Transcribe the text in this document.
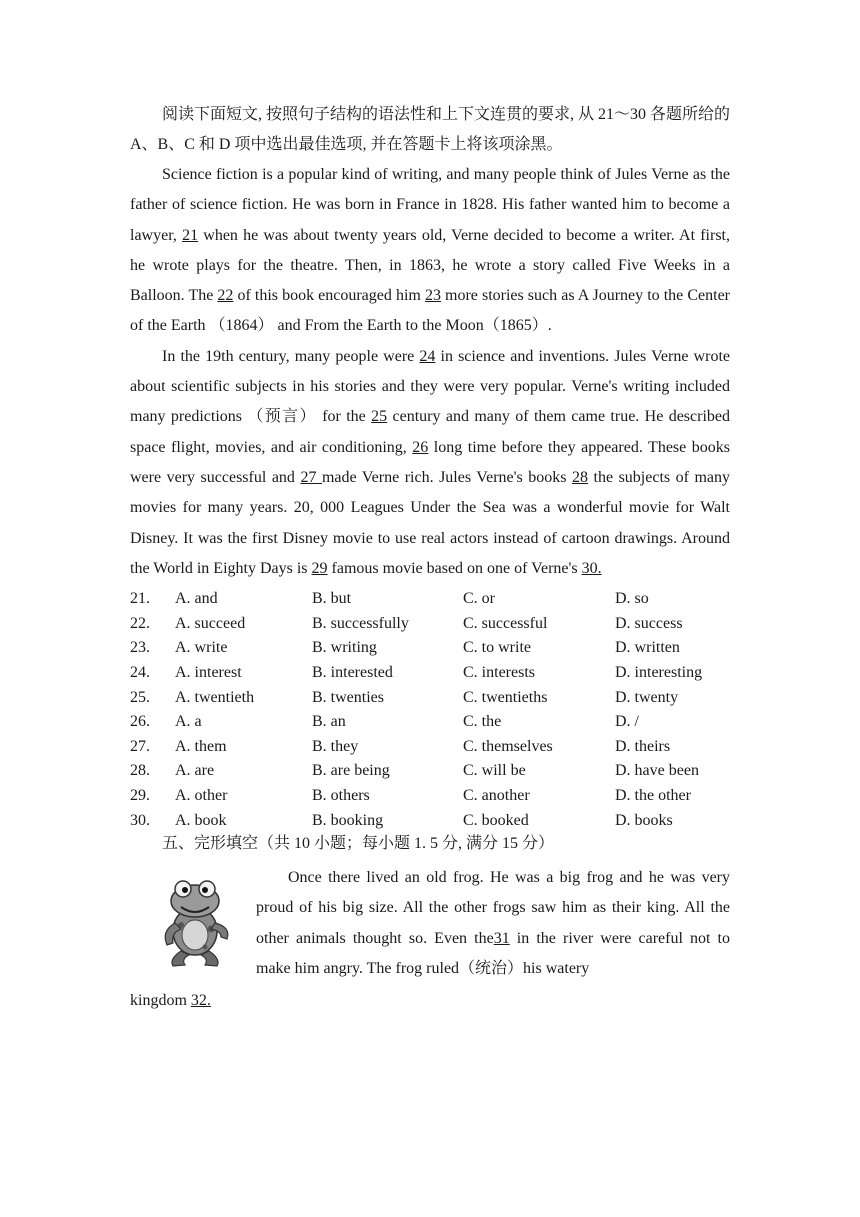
阅读下面短文, 按照句子结构的语法性和上下文连贯的要求, 从 21～30 各题所给的 A、B、C 和 D 项中选出最佳选项, 并在答题卡上将该项涂黑。

Science fiction is a popular kind of writing, and many people think of Jules Verne as the father of science fiction. He was born in France in 1828. His father wanted him to become a lawyer, 21 when he was about twenty years old, Verne decided to become a writer. At first, he wrote plays for the theatre. Then, in 1863, he wrote a story called Five Weeks in a Balloon. The 22 of this book encouraged him 23 more stories such as A Journey to the Center of the Earth （1864） and From the Earth to the Moon（1865）.

In the 19th century, many people were 24 in science and inventions. Jules Verne wrote about scientific subjects in his stories and they were very popular. Verne's writing included many predictions （预言） for the 25 century and many of them came true. He described space flight, movies, and air conditioning, 26 long time before they appeared. These books were very successful and 27 made Verne rich. Jules Verne's books 28 the subjects of many movies for many years. 20, 000 Leagues Under the Sea was a wonderful movie for Walt Disney. It was the first Disney movie to use real actors instead of cartoon drawings. Around the World in Eighty Days is 29 famous movie based on one of Verne's 30.

21.	A. and	B. but	C. or	D. so
22.	A. succeed	B. successfully	C. successful	D. success
23.	A. write	B. writing	C. to write	D. written
24.	A. interest	B. interested	C. interests	D. interesting
25.	A. twentieth	B. twenties	C. twentieths	D. twenty
26.	A. a	B. an	C. the	D. /
27.	A. them	B. they	C. themselves	D. theirs
28.	A. are	B. are being	C. will be	D. have been
29.	A. other	B. others	C. another	D. the other
30.	A. book	B. booking	C. booked	D. books

五、完形填空（共 10 小题；每小题 1. 5 分, 满分 15 分）

Once there lived an old frog. He was a big frog and he was very proud of his big size. All the other frogs saw him as their king. All the other animals thought so. Even the31 in the river were careful not to make him angry. The frog ruled（统治）his watery

kingdom 32.
